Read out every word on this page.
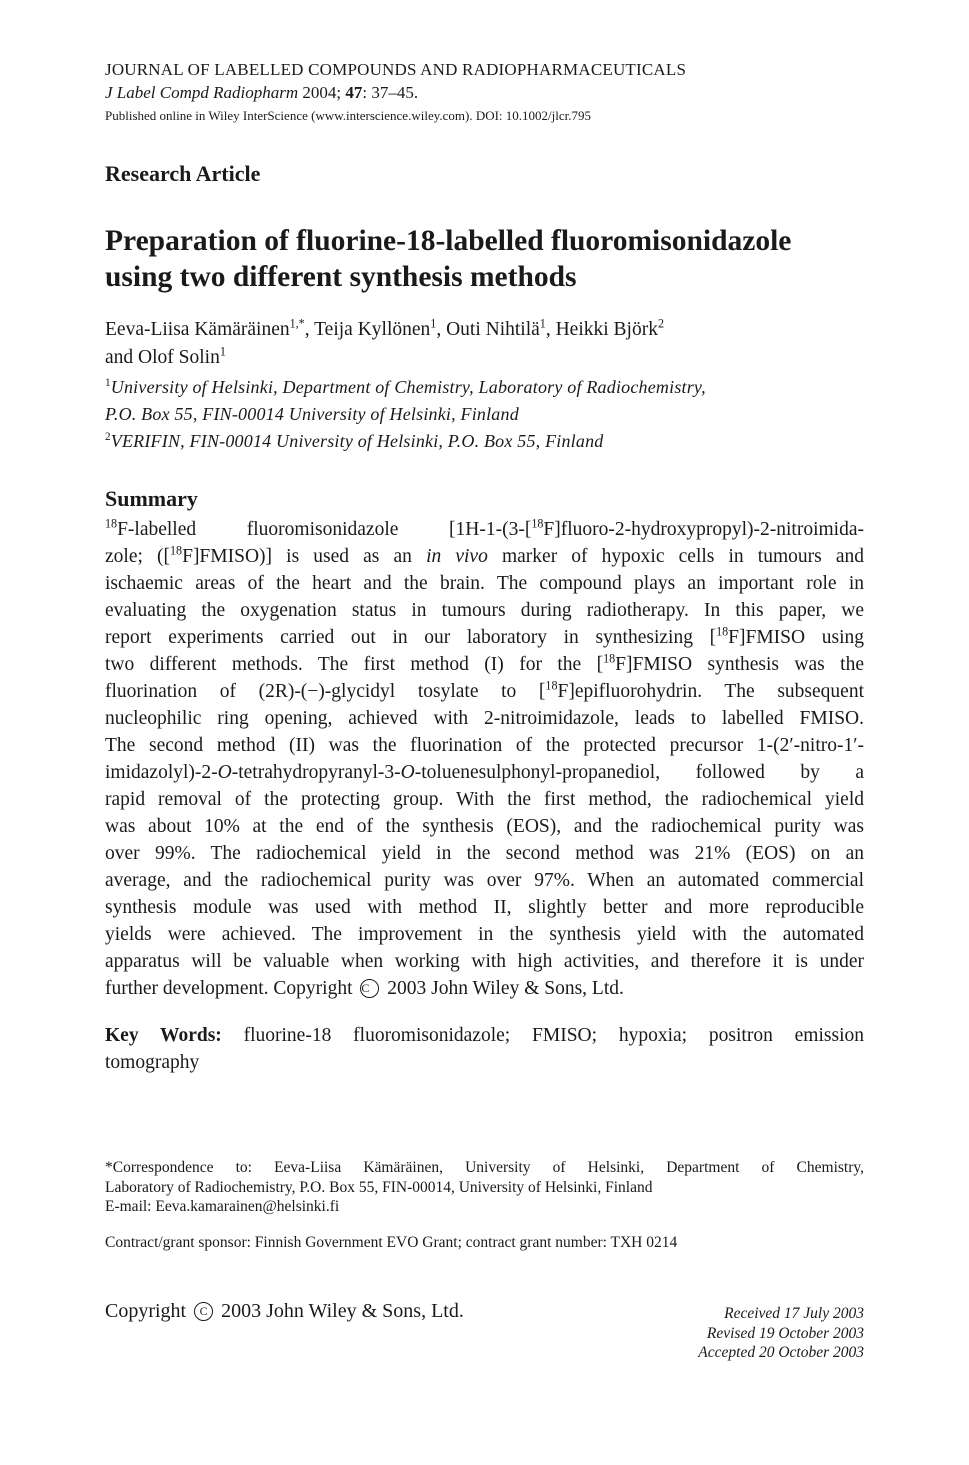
JOURNAL OF LABELLED COMPOUNDS AND RADIOPHARMACEUTICALS
J Label Compd Radiopharm 2004; 47: 37–45.
Published online in Wiley InterScience (www.interscience.wiley.com). DOI: 10.1002/jlcr.795
Research Article
Preparation of fluorine-18-labelled fluoromisonidazole
using two different synthesis methods
Eeva-Liisa Kämäräinen$^{1,*}$, Teija Kyllönen$^1$, Outi Nihtilä$^1$, Heikki Björk$^2$
and Olof Solin$^1$
$^1$University of Helsinki, Department of Chemistry, Laboratory of Radiochemistry,
P.O. Box 55, FIN-00014 University of Helsinki, Finland
$^2$VERIFIN, FIN-00014 University of Helsinki, P.O. Box 55, Finland
Summary
$^{18}$F-labelled fluoromisonidazole [1H-1-(3-[$^{18}$F]fluoro-2-hydroxypropyl)-2-nitroimida-
zole; ([$^{18}$F]FMISO)] is used as an in vivo marker of hypoxic cells in tumours and
ischaemic areas of the heart and the brain. The compound plays an important role in
evaluating the oxygenation status in tumours during radiotherapy. In this paper, we
report experiments carried out in our laboratory in synthesizing [$^{18}$F]FMISO using
two different methods. The first method (I) for the [$^{18}$F]FMISO synthesis was the
fluorination of (2R)-(−)-glycidyl tosylate to [$^{18}$F]epifluorohydrin. The subsequent
nucleophilic ring opening, achieved with 2-nitroimidazole, leads to labelled FMISO.
The second method (II) was the fluorination of the protected precursor 1-(2′-nitro-1′-
imidazolyl)-2-O-tetrahydropyranyl-3-O-toluenesulphonyl-propanediol, followed by a
rapid removal of the protecting group. With the first method, the radiochemical yield
was about 10% at the end of the synthesis (EOS), and the radiochemical purity was
over 99%. The radiochemical yield in the second method was 21% (EOS) on an
average, and the radiochemical purity was over 97%. When an automated commercial
synthesis module was used with method II, slightly better and more reproducible
yields were achieved. The improvement in the synthesis yield with the automated
apparatus will be valuable when working with high activities, and therefore it is under
further development. Copyright C 2003 John Wiley & Sons, Ltd.
Key Words: fluorine-18 fluoromisonidazole; FMISO; hypoxia; positron emission
tomography
*Correspondence to: Eeva-Liisa Kämäräinen, University of Helsinki, Department of Chemistry,
Laboratory of Radiochemistry, P.O. Box 55, FIN-00014, University of Helsinki, Finland
E-mail: Eeva.kamarainen@helsinki.fi
Contract/grant sponsor: Finnish Government EVO Grant; contract grant number: TXH 0214
Copyright C 2003 John Wiley & Sons, Ltd.	Received 17 July 2003
Revised 19 October 2003
Accepted 20 October 2003
